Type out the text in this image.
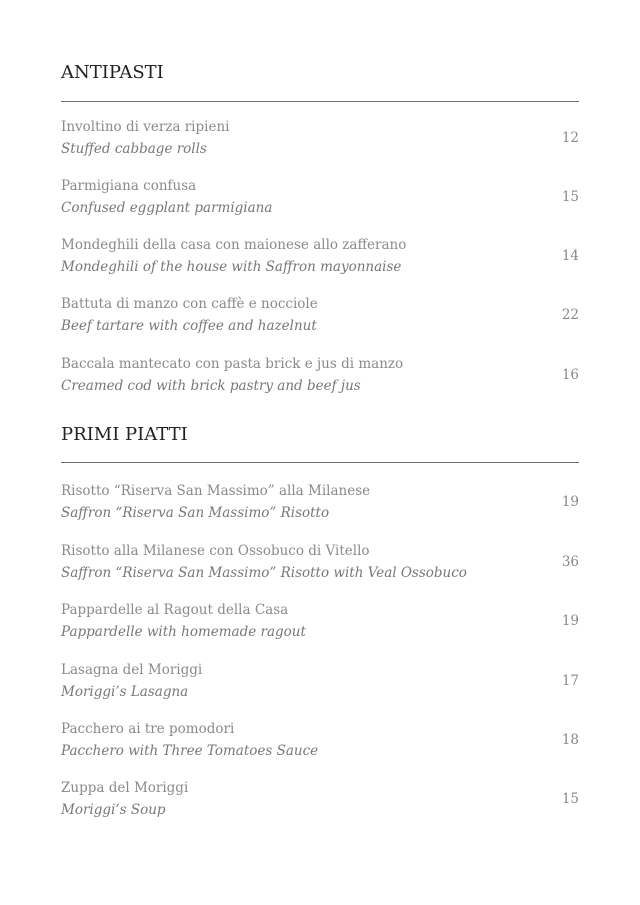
ANTIPASTI
Involtino di verza ripieni
Stuffed cabbage rolls
12
Parmigiana confusa
Confused eggplant parmigiana
15
Mondeghili della casa con maionese allo zafferano
Mondeghili of the house with Saffron mayonnaise
14
Battuta di manzo con caffè e nocciole
Beef tartare with coffee and hazelnut
22
Baccala mantecato con pasta brick e jus di manzo
Creamed cod with brick pastry and beef jus
16
PRIMI PIATTI
Risotto “Riserva San Massimo” alla Milanese
Saffron “Riserva San Massimo” Risotto
19
Risotto alla Milanese con Ossobuco di Vitello
Saffron “Riserva San Massimo” Risotto with Veal Ossobuco
36
Pappardelle al Ragout della Casa
Pappardelle with homemade ragout
19
Lasagna del Moriggi
Moriggi’s Lasagna
17
Pacchero ai tre pomodori
Pacchero with Three Tomatoes Sauce
18
Zuppa del Moriggi
Moriggi’s Soup
15
